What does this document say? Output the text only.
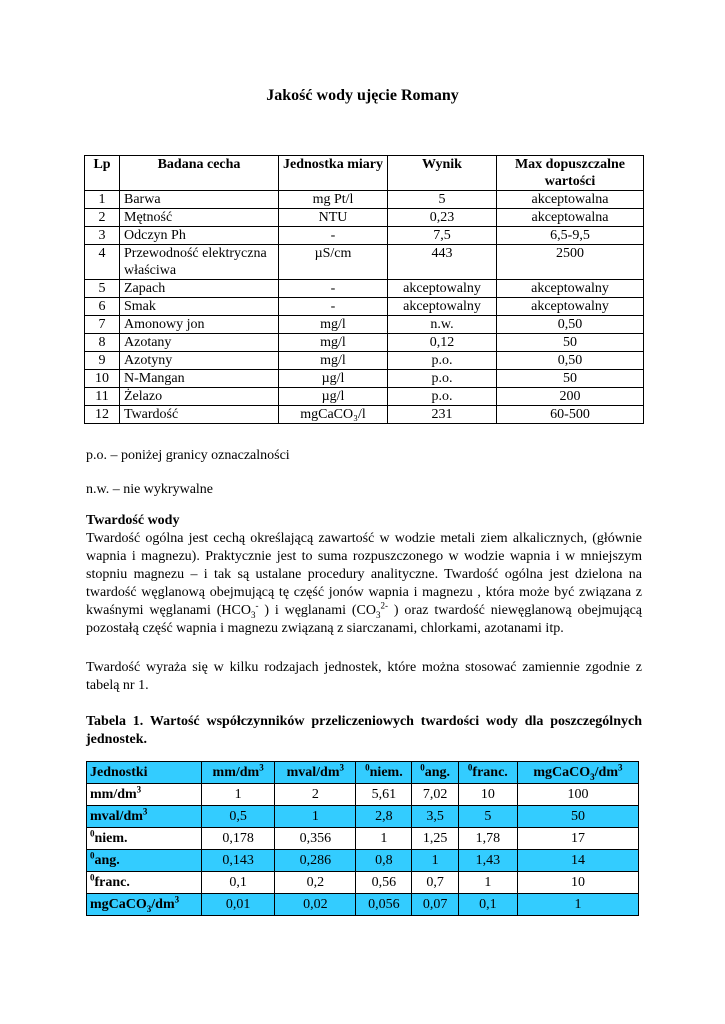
Jakość wody ujęcie Romany
Lp	Badana cecha	Jednostka miary	Wynik	Max dopuszczalne wartości
1	Barwa	mg Pt/l	5	akceptowalna
2	Mętność	NTU	0,23	akceptowalna
3	Odczyn Ph	-	7,5	6,5-9,5
4	Przewodność elektryczna właściwa	µS/cm	443	2500
5	Zapach	-	akceptowalny	akceptowalny
6	Smak	-	akceptowalny	akceptowalny
7	Amonowy jon	mg/l	n.w.	0,50
8	Azotany	mg/l	0,12	50
9	Azotyny	mg/l	p.o.	0,50
10	N-Mangan	µg/l	p.o.	50
11	Żelazo	µg/l	p.o.	200
12	Twardość	mgCaCO₃/l	231	60-500
p.o. – poniżej granicy oznaczalności
n.w. – nie wykrywalne
Twardość wody
Twardość ogólna jest cechą określającą zawartość w wodzie metali ziem alkalicznych, (głównie wapnia i magnezu). Praktycznie jest to suma rozpuszczonego w wodzie wapnia i w mniejszym stopniu magnezu – i tak są ustalane procedury analityczne. Twardość ogólna jest dzielona na twardość węglanową obejmującą tę część jonów wapnia i magnezu , która może być związana z kwaśnymi węglanami ($HCO_3^-$ ) i węglanami ($CO_3^{2-}$ ) oraz twardość niewęglanową obejmującą pozostałą część wapnia i magnezu związaną z siarczanami, chlorkami, azotanami itp.
Twardość wyraża się w kilku rodzajach jednostek, które można stosować zamiennie zgodnie z tabelą nr 1.
Tabela 1. Wartość współczynników przeliczeniowych twardości wody dla poszczególnych jednostek.
Jednostki	$mm/dm^3$	mval/$dm^3$	$^0$niem.	$^0$ang.	$^0$franc.	$mgCaCO_3/dm^3$
$mm/dm^3$	1	2	5,61	7,02	10	100
mval/$dm^3$	0,5	1	2,8	3,5	5	50
$^0$niem.	0,178	0,356	1	1,25	1,78	17
$^0$ang.	0,143	0,286	0,8	1	1,43	14
$^0$franc.	0,1	0,2	0,56	0,7	1	10
$mgCaCO_3/dm^3$	0,01	0,02	0,056	0,07	0,1	1
